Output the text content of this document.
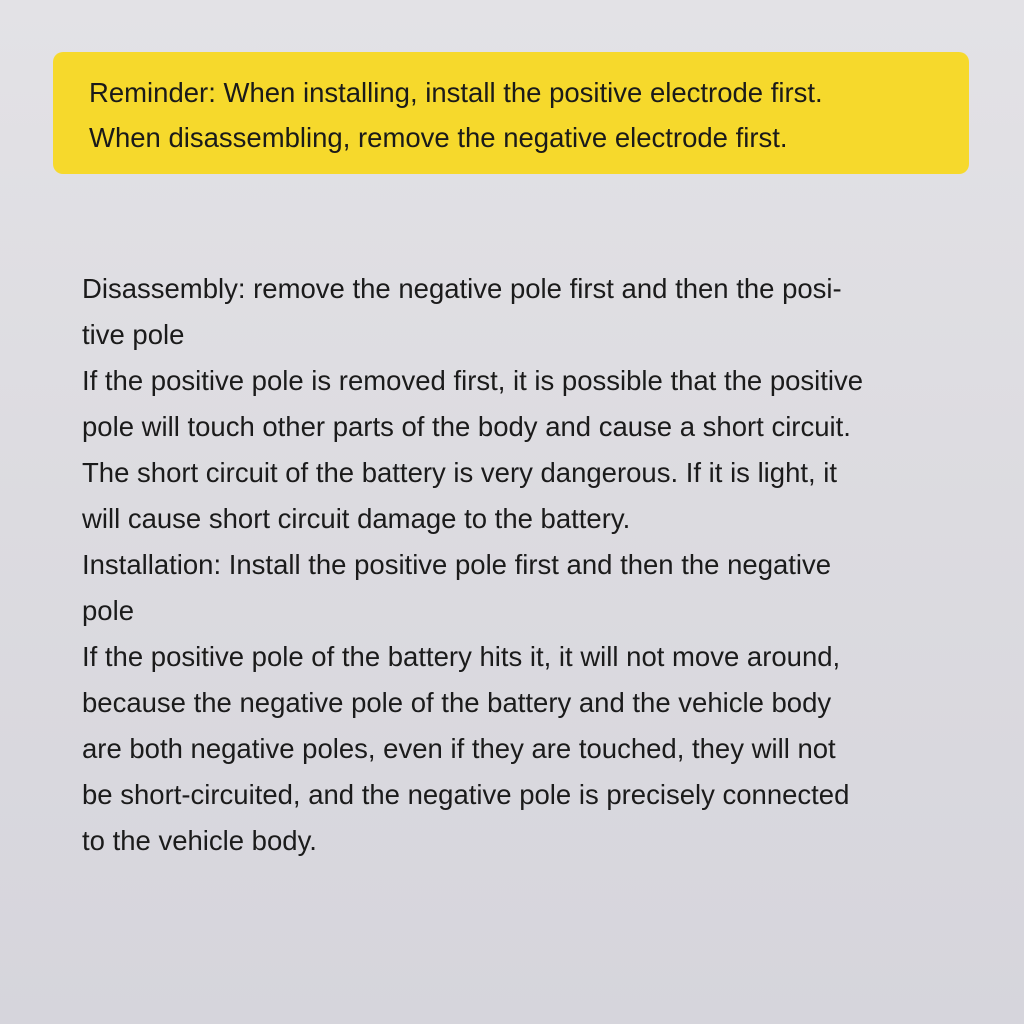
Reminder: When installing, install the positive electrode first.
When disassembling, remove the negative electrode first.
Disassembly: remove the negative pole first and then the posi-
tive pole
If the positive pole is removed first, it is possible that the positive
pole will touch other parts of the body and cause a short circuit.
The short circuit of the battery is very dangerous. If it is light, it
will cause short circuit damage to the battery.
Installation: Install the positive pole first and then the negative
pole
If the positive pole of the battery hits it, it will not move around,
because the negative pole of the battery and the vehicle body
are both negative poles, even if they are touched, they will not
be short-circuited, and the negative pole is precisely connected
to the vehicle body.
